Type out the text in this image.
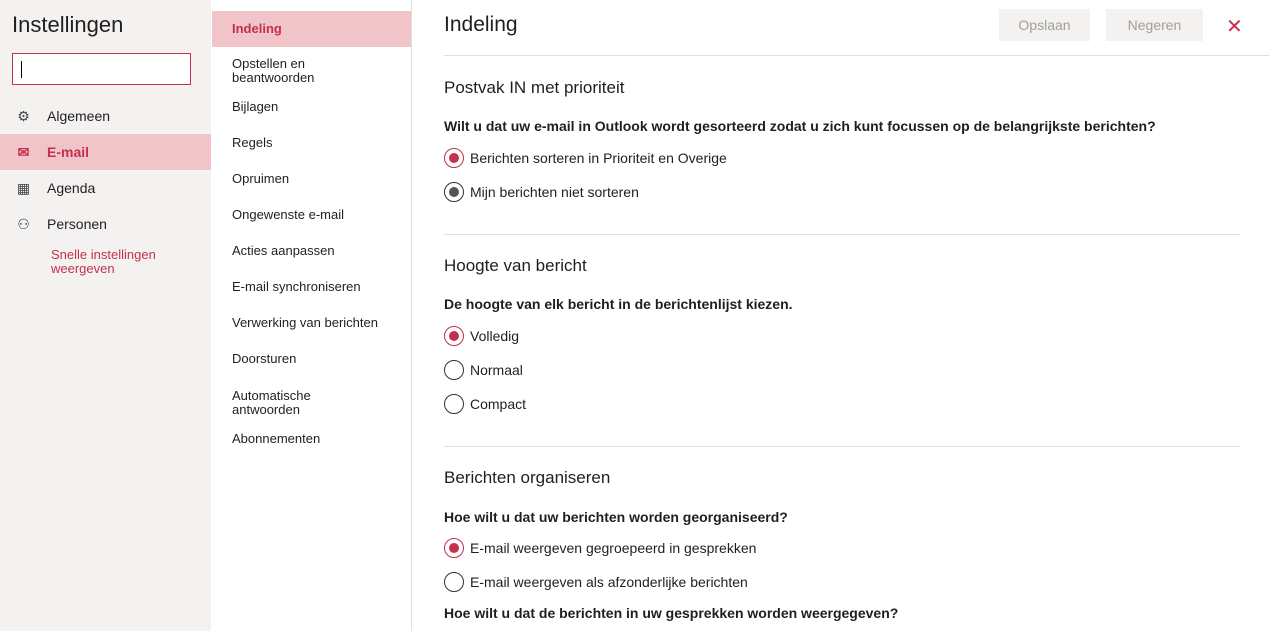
Instellingen
⚙	Algemeen
✉	E-mail
▦	Agenda
⚇	Personen
Snelle instellingen weergeven
Indeling
Opstellen en beantwoorden
Bijlagen
Regels
Opruimen
Ongewenste e-mail
Acties aanpassen
E-mail synchroniseren
Verwerking van berichten
Doorsturen
Automatische antwoorden
Abonnementen
Indeling	Opslaan	Negeren	✕
Postvak IN met prioriteit
Wilt u dat uw e-mail in Outlook wordt gesorteerd zodat u zich kunt focussen op de belangrijkste berichten?
Berichten sorteren in Prioriteit en Overige
Mijn berichten niet sorteren
Hoogte van bericht
De hoogte van elk bericht in de berichtenlijst kiezen.
Volledig
Normaal
Compact
Berichten organiseren
Hoe wilt u dat uw berichten worden georganiseerd?
E-mail weergeven gegroepeerd in gesprekken
E-mail weergeven als afzonderlijke berichten
Hoe wilt u dat de berichten in uw gesprekken worden weergegeven?
